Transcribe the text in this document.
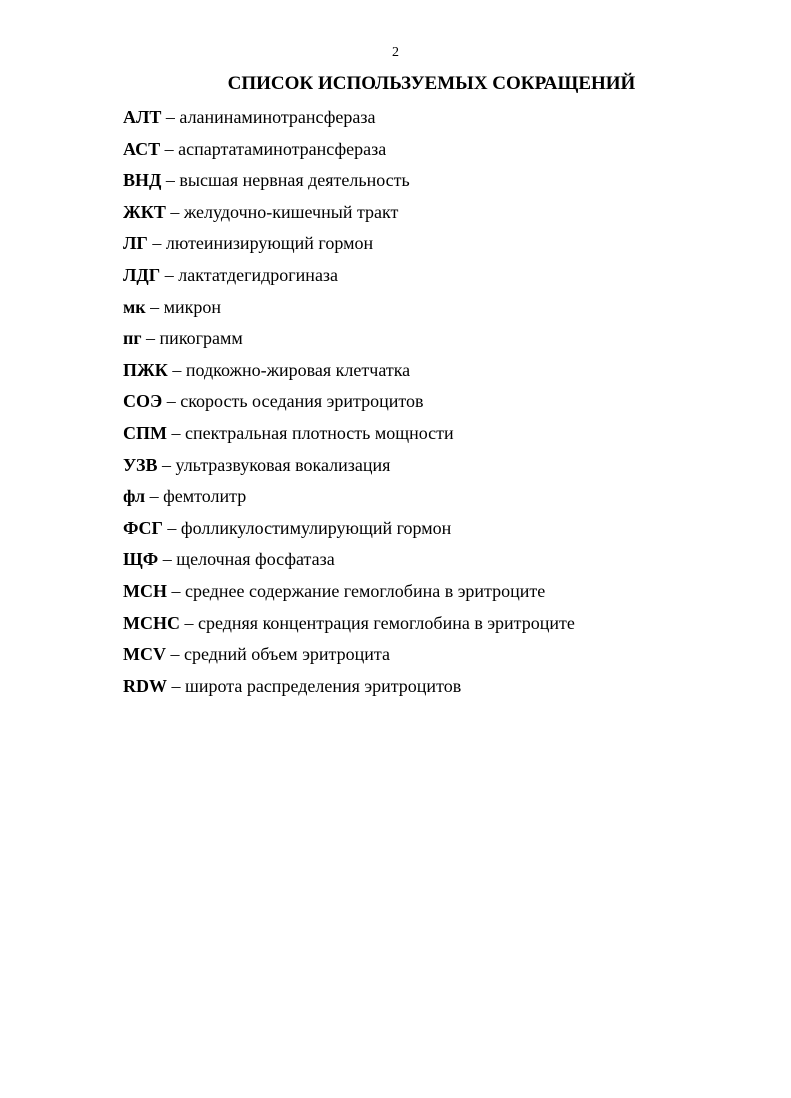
2
СПИСОК ИСПОЛЬЗУЕМЫХ СОКРАЩЕНИЙ
АЛТ – аланинаминотрансфераза
АСТ – аспартатаминотрансфераза
ВНД – высшая нервная деятельность
ЖКТ – желудочно-кишечный тракт
ЛГ – лютеинизирующий гормон
ЛДГ – лактатдегидрогиназа
мк – микрон
пг – пикограмм
ПЖК – подкожно-жировая клетчатка
СОЭ – скорость оседания эритроцитов
СПМ – спектральная плотность мощности
УЗВ – ультразвуковая вокализация
фл – фемтолитр
ФСГ – фолликулостимулирующий гормон
ЩФ – щелочная фосфатаза
MCH – среднее содержание гемоглобина в эритроците
MCHC – средняя концентрация гемоглобина в эритроците
MCV – средний объем эритроцита
RDW – широта распределения эритроцитов
